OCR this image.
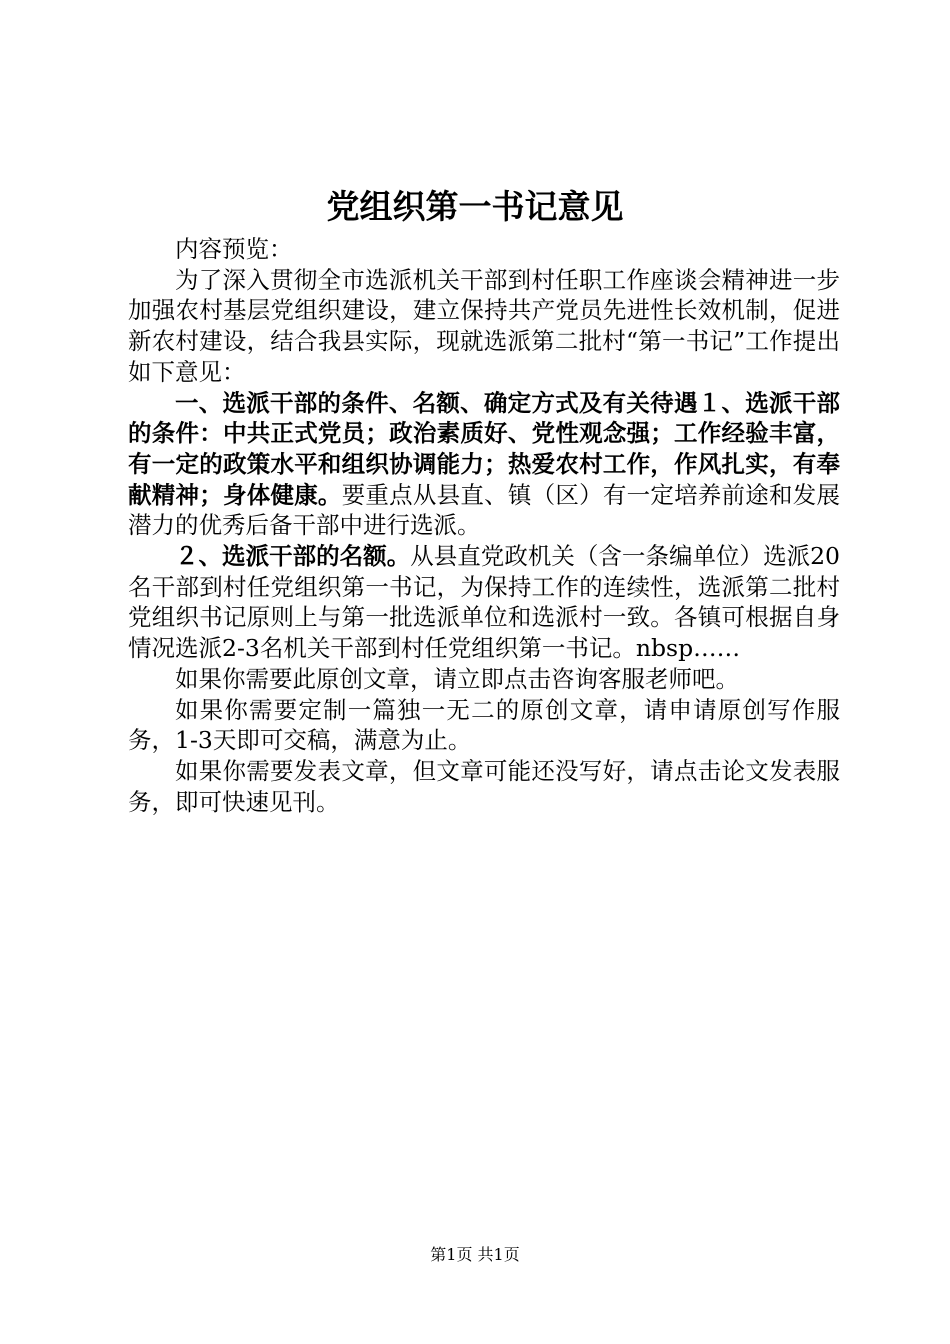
党组织第一书记意见

内容预览：

为了深入贯彻全市选派机关干部到村任职工作座谈会精神进一步加强农村基层党组织建设，建立保持共产党员先进性长效机制，促进新农村建设，结合我县实际，现就选派第二批村“第一书记”工作提出如下意见：

一、选派干部的条件、名额、确定方式及有关待遇１、选派干部的条件：中共正式党员；政治素质好、党性观念强；工作经验丰富，有一定的政策水平和组织协调能力；热爱农村工作，作风扎实，有奉献精神；身体健康。要重点从县直、镇（区）有一定培养前途和发展潜力的优秀后备干部中进行选派。

２、选派干部的名额。从县直党政机关（含一条编单位）选派20名干部到村任党组织第一书记，为保持工作的连续性，选派第二批村党组织书记原则上与第一批选派单位和选派村一致。各镇可根据自身情况选派2-3名机关干部到村任党组织第一书记。nbsp……

如果你需要此原创文章，请立即点击咨询客服老师吧。

如果你需要定制一篇独一无二的原创文章，请申请原创写作服务，1-3天即可交稿，满意为止。

如果你需要发表文章，但文章可能还没写好，请点击论文发表服务，即可快速见刊。

第1页 共1页
